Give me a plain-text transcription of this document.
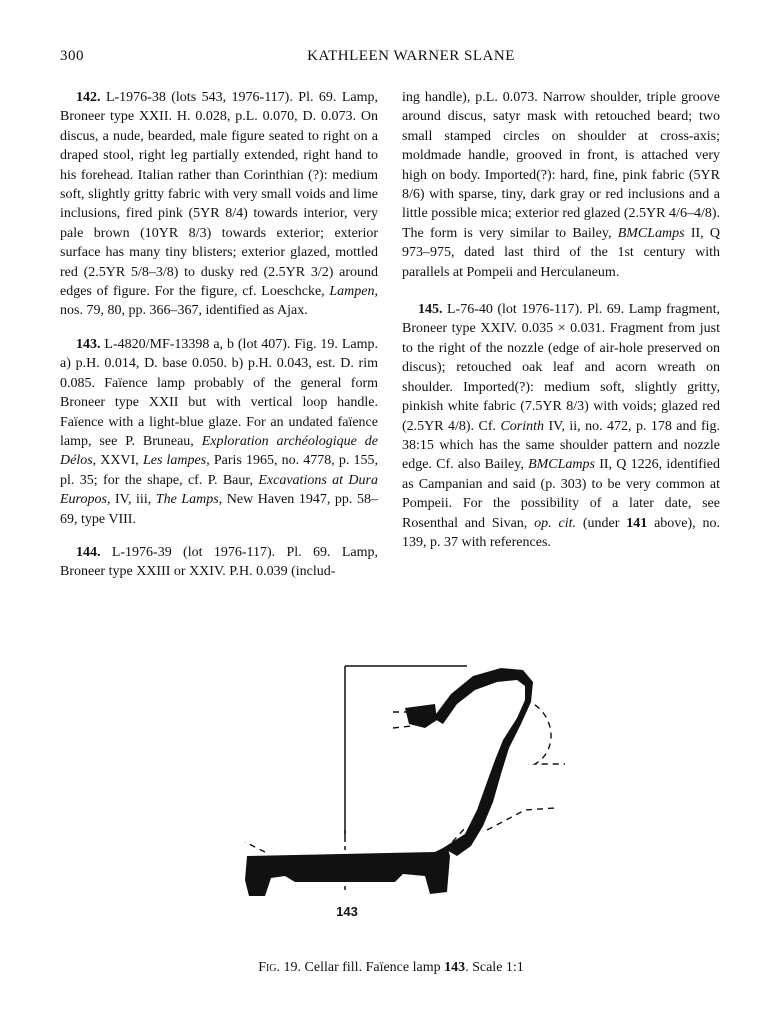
300	KATHLEEN WARNER SLANE

142. L-1976-38 (lots 543, 1976-117). Pl. 69. Lamp, Broneer type XXII. H. 0.028, p.L. 0.070, D. 0.073. On discus, a nude, bearded, male figure seated to right on a draped stool, right leg partially extended, right hand to his forehead. Italian rather than Corinthian (?): medium soft, slightly gritty fabric with very small voids and lime inclusions, fired pink (5YR 8/4) towards interior, very pale brown (10YR 8/3) towards exterior; exterior surface has many tiny blisters; exterior glazed, mottled red (2.5YR 5/8–3/8) to dusky red (2.5YR 3/2) around edges of figure. For the figure, cf. Loeschcke, Lampen, nos. 79, 80, pp. 366–367, identified as Ajax.

143. L-4820/MF-13398 a, b (lot 407). Fig. 19. Lamp. a) p.H. 0.014, D. base 0.050. b) p.H. 0.043, est. D. rim 0.085. Faïence lamp probably of the general form Broneer type XXII but with vertical loop handle. Faïence with a light-blue glaze. For an undated faïence lamp, see P. Bruneau, Exploration archéologique de Délos, XXVI, Les lampes, Paris 1965, no. 4778, p. 155, pl. 35; for the shape, cf. P. Baur, Excavations at Dura Europos, IV, iii, The Lamps, New Haven 1947, pp. 58–69, type VIII.

144. L-1976-39 (lot 1976-117). Pl. 69. Lamp, Broneer type XXIII or XXIV. P.H. 0.039 (includ-

ing handle), p.L. 0.073. Narrow shoulder, triple groove around discus, satyr mask with retouched beard; two small stamped circles on shoulder at cross-axis; moldmade handle, grooved in front, is attached very high on body. Imported(?): hard, fine, pink fabric (5YR 8/6) with sparse, tiny, dark gray or red inclusions and a little possible mica; exterior red glazed (2.5YR 4/6–4/8). The form is very similar to Bailey, BMCLamps II, Q 973–975, dated last third of the 1st century with parallels at Pompeii and Herculaneum.

145. L-76-40 (lot 1976-117). Pl. 69. Lamp fragment, Broneer type XXIV. 0.035 × 0.031. Fragment from just to the right of the nozzle (edge of air-hole preserved on discus); retouched oak leaf and acorn wreath on shoulder. Imported(?): medium soft, slightly gritty, pinkish white fabric (7.5YR 8/3) with voids; glazed red (2.5YR 4/8). Cf. Corinth IV, ii, no. 472, p. 178 and fig. 38:15 which has the same shoulder pattern and nozzle edge. Cf. also Bailey, BMCLamps II, Q 1226, identified as Campanian and said (p. 303) to be very common at Pompeii. For the possibility of a later date, see Rosenthal and Sivan, op. cit. (under 141 above), no. 139, p. 37 with references.

143
Fig. 19. Cellar fill. Faïence lamp 143. Scale 1:1
